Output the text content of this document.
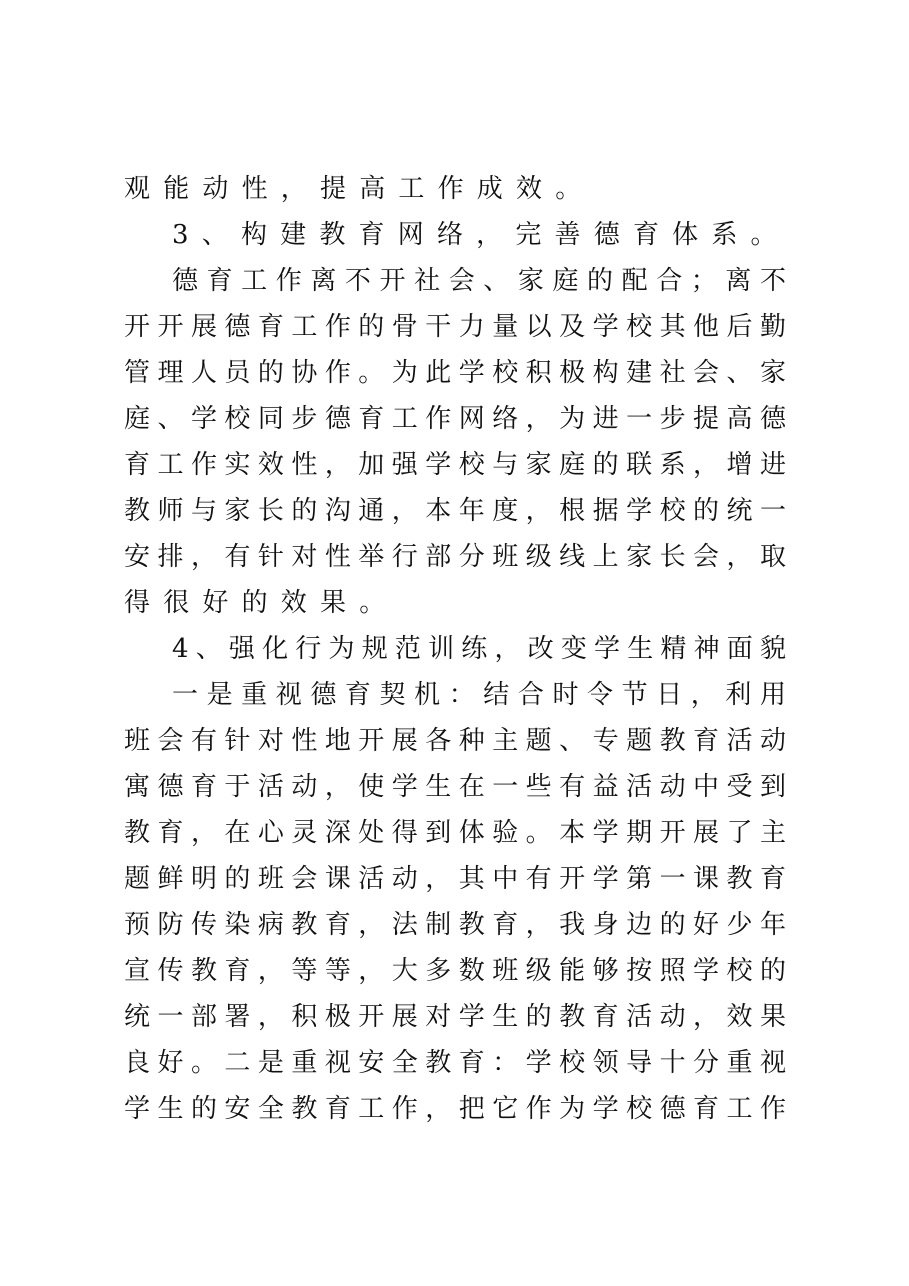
观能动性，提高工作成效。
3、构建教育网络，完善德育体系。
德育工作离不开社会、家庭的配合；离不
开开展德育工作的骨干力量以及学校其他后勤
管理人员的协作。为此学校积极构建社会、家
庭、学校同步德育工作网络，为进一步提高德
育工作实效性，加强学校与家庭的联系，增进
教师与家长的沟通，本年度，根据学校的统一
安排，有针对性举行部分班级线上家长会，取
得很好的效果。
4、强化行为规范训练，改变学生精神面貌
一是重视德育契机：结合时令节日，利用
班会有针对性地开展各种主题、专题教育活动
寓德育于活动，使学生在一些有益活动中受到
教育，在心灵深处得到体验。本学期开展了主
题鲜明的班会课活动，其中有开学第一课教育
预防传染病教育，法制教育，我身边的好少年
宣传教育，等等，大多数班级能够按照学校的
统一部署，积极开展对学生的教育活动，效果
良好。二是重视安全教育：学校领导十分重视
学生的安全教育工作，把它作为学校德育工作
